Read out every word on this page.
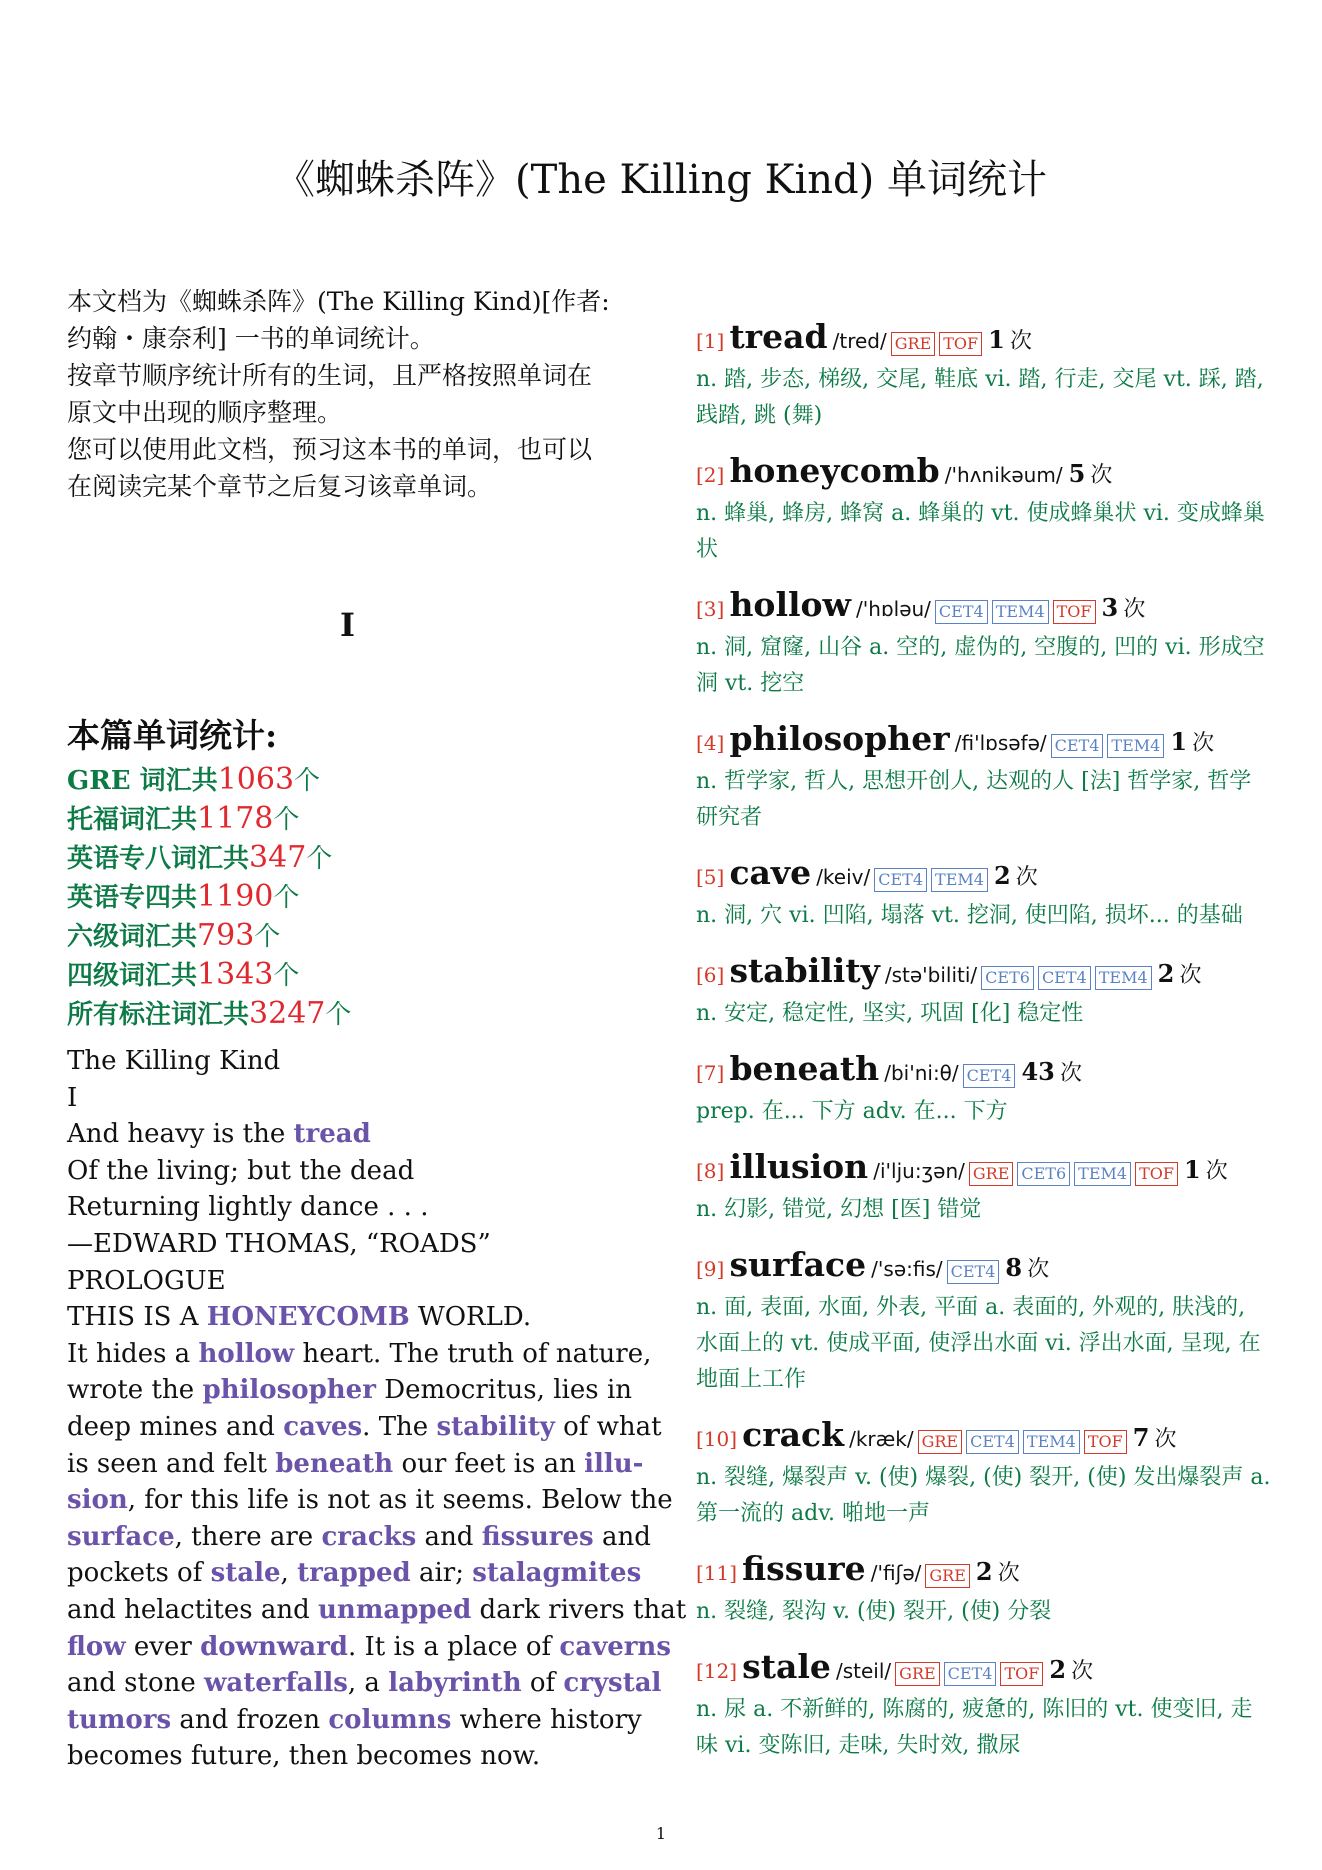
《蜘蛛杀阵》(The Killing Kind) 单词统计
本文档为《蜘蛛杀阵》(The Killing Kind)[作者:
约翰・康奈利] 一书的单词统计。
按章节顺序统计所有的生词，且严格按照单词在
原文中出现的顺序整理。
您可以使用此文档，预习这本书的单词，也可以
在阅读完某个章节之后复习该章单词。
I
本篇单词统计:
GRE 词汇共1063个
托福词汇共1178个
英语专八词汇共347个
英语专四共1190个
六级词汇共793个
四级词汇共1343个
所有标注词汇共3247个
The Killing Kind
I
And heavy is the tread
Of the living; but the dead
Returning lightly dance . . .
—EDWARD THOMAS, “ROADS”
PROLOGUE
THIS IS A HONEYCOMB WORLD.
It hides a hollow heart. The truth of nature,
wrote the philosopher Democritus, lies in
deep mines and caves. The stability of what
is seen and felt beneath our feet is an illu-
sion, for this life is not as it seems. Below the
surface, there are cracks and fissures and
pockets of stale, trapped air; stalagmites
and helactites and unmapped dark rivers that
flow ever downward. It is a place of caverns
and stone waterfalls, a labyrinth of crystal
tumors and frozen columns where history
becomes future, then becomes now.
[1] tread /tred/ GRE TOF 1 次
n. 踏, 步态, 梯级, 交尾, 鞋底 vi. 踏, 行走, 交尾 vt. 踩, 踏, 践踏, 跳 (舞)
[2] honeycomb /'hʌnikəum/ 5 次
n. 蜂巢, 蜂房, 蜂窝 a. 蜂巢的 vt. 使成蜂巢状 vi. 变成蜂巢状
[3] hollow /'hɒləu/ CET4 TEM4 TOF 3 次
n. 洞, 窟窿, 山谷 a. 空的, 虚伪的, 空腹的, 凹的 vi. 形成空洞 vt. 挖空
[4] philosopher /fi'lɒsəfə/ CET4 TEM4 1 次
n. 哲学家, 哲人, 思想开创人, 达观的人 [法] 哲学家, 哲学研究者
[5] cave /keiv/ CET4 TEM4 2 次
n. 洞, 穴 vi. 凹陷, 塌落 vt. 挖洞, 使凹陷, 损坏... 的基础
[6] stability /stə'biliti/ CET6 CET4 TEM4 2 次
n. 安定, 稳定性, 坚实, 巩固 [化] 稳定性
[7] beneath /bi'ni:θ/ CET4 43 次
prep. 在... 下方 adv. 在... 下方
[8] illusion /i'lju:ʒən/ GRE CET6 TEM4 TOF 1 次
n. 幻影, 错觉, 幻想 [医] 错觉
[9] surface /'sə:fis/ CET4 8 次
n. 面, 表面, 水面, 外表, 平面 a. 表面的, 外观的, 肤浅的, 水面上的 vt. 使成平面, 使浮出水面 vi. 浮出水面, 呈现, 在地面上工作
[10] crack /kræk/ GRE CET4 TEM4 TOF 7 次
n. 裂缝, 爆裂声 v. (使) 爆裂, (使) 裂开, (使) 发出爆裂声 a. 第一流的 adv. 啪地一声
[11] fissure /'fiʃə/ GRE 2 次
n. 裂缝, 裂沟 v. (使) 裂开, (使) 分裂
[12] stale /steil/ GRE CET4 TOF 2 次
n. 尿 a. 不新鲜的, 陈腐的, 疲惫的, 陈旧的 vt. 使变旧, 走味 vi. 变陈旧, 走味, 失时效, 撒尿
1
